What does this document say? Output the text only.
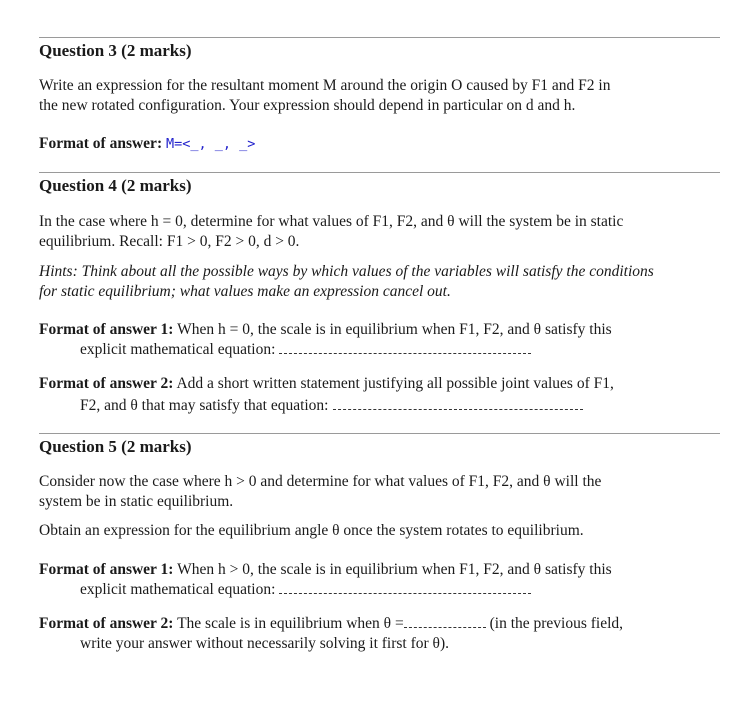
Question 3 (2 marks)
Write an expression for the resultant moment M around the origin O caused by F1 and F2 in
the new rotated configuration. Your expression should depend in particular on d and h.
Format of answer: M=<_, _, _>
Question 4 (2 marks)
In the case where h = 0, determine for what values of F1, F2, and θ will the system be in static
equilibrium. Recall: F1 > 0, F2 > 0, d > 0.
Hints: Think about all the possible ways by which values of the variables will satisfy the conditions
for static equilibrium; what values make an expression cancel out.
Format of answer 1: When h = 0, the scale is in equilibrium when F1, F2, and θ satisfy this
explicit mathematical equation:
Format of answer 2: Add a short written statement justifying all possible joint values of F1,
F2, and θ that may satisfy that equation:
Question 5 (2 marks)
Consider now the case where h > 0 and determine for what values of F1, F2, and θ will the
system be in static equilibrium.
Obtain an expression for the equilibrium angle θ once the system rotates to equilibrium.
Format of answer 1: When h > 0, the scale is in equilibrium when F1, F2, and θ satisfy this
explicit mathematical equation:
Format of answer 2: The scale is in equilibrium when θ =	(in the previous field,
write your answer without necessarily solving it first for θ).
